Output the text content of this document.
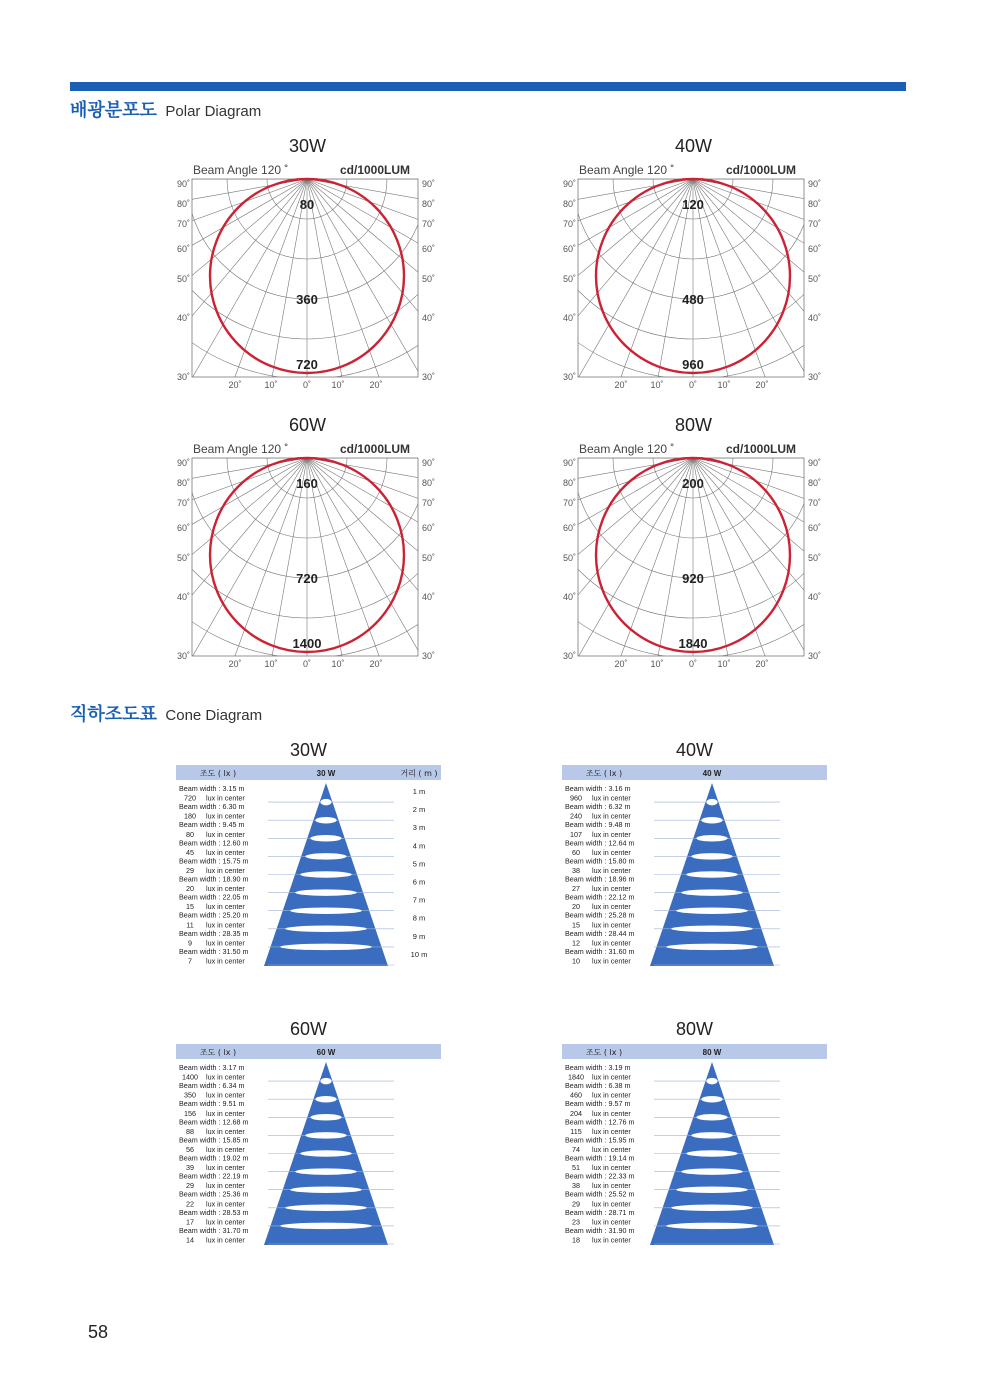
배광분포도 Polar Diagram
30W
Beam Angle 120 ˚	cd/1000LUM
90˚	90˚
80˚	80˚
70˚	70˚
60˚	60˚
50˚	50˚
40˚	40˚
30˚	30˚
20˚	10˚	0˚ 10˚	20˚
80
360
720
40W
Beam Angle 120 ˚	cd/1000LUM
90˚	90˚
80˚	80˚
70˚	70˚
60˚	60˚
50˚	50˚
40˚	40˚
30˚	30˚
20˚	10˚	0˚ 10˚	20˚
120
480
960
60W
Beam Angle 120 ˚	cd/1000LUM
90˚	90˚
80˚	80˚
70˚	70˚
60˚	60˚
50˚	50˚
40˚	40˚
30˚	30˚
20˚	10˚	0˚ 10˚	20˚
160
720
1400
80W
Beam Angle 120 ˚	cd/1000LUM
90˚	90˚
80˚	80˚
70˚	70˚
60˚	60˚
50˚	50˚
40˚	40˚
30˚	30˚
20˚	10˚	0˚ 10˚	20˚
200
920
1840
직하조도표 Cone Diagram
30W
조도 ( lx )	30 W	거리 ( m )
Beam width : 3.15 m
720 lux in center
1 m
Beam width : 6.30 m
180 lux in center
2 m
Beam width : 9.45 m
80 lux in center
3 m
Beam width : 12.60 m
45 lux in center
4 m
Beam width : 15.75 m
29 lux in center
5 m
Beam width : 18.90 m
20 lux in center
6 m
Beam width : 22.05 m
15 lux in center
7 m
Beam width : 25.20 m
11 lux in center
8 m
Beam width : 28.35 m
9 lux in center
9 m
Beam width : 31.50 m
7 lux in center
10 m
40W
조도 ( lx )	40 W
Beam width : 3.16 m
960 lux in center
Beam width : 6.32 m
240 lux in center
Beam width : 9.48 m
107 lux in center
Beam width : 12.64 m
60 lux in center
Beam width : 15.80 m
38 lux in center
Beam width : 18.96 m
27 lux in center
Beam width : 22.12 m
20 lux in center
Beam width : 25.28 m
15 lux in center
Beam width : 28.44 m
12 lux in center
Beam width : 31.60 m
10 lux in center
60W
조도 ( lx )	60 W
Beam width : 3.17 m
1400 lux in center
Beam width : 6.34 m
350 lux in center
Beam width : 9.51 m
156 lux in center
Beam width : 12.68 m
88 lux in center
Beam width : 15.85 m
56 lux in center
Beam width : 19.02 m
39 lux in center
Beam width : 22.19 m
29 lux in center
Beam width : 25.36 m
22 lux in center
Beam width : 28.53 m
17 lux in center
Beam width : 31.70 m
14 lux in center
80W
조도 ( lx )	80 W
Beam width : 3.19 m
1840 lux in center
Beam width : 6.38 m
460 lux in center
Beam width : 9.57 m
204 lux in center
Beam width : 12.76 m
115 lux in center
Beam width : 15.95 m
74 lux in center
Beam width : 19.14 m
51 lux in center
Beam width : 22.33 m
38 lux in center
Beam width : 25.52 m
29 lux in center
Beam width : 28.71 m
23 lux in center
Beam width : 31.90 m
18 lux in center
58
